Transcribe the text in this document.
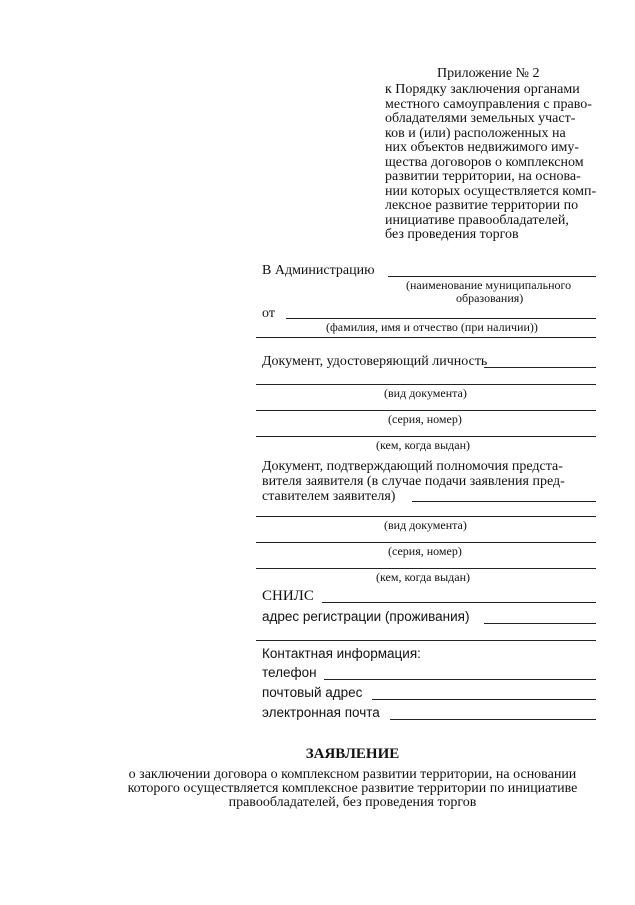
Приложение № 2
к Порядку заключения органами
местного самоуправления с право-
обладателями земельных участ-
ков и (или) расположенных на
них объектов недвижимого иму-
щества договоров о комплексном
развитии территории, на основа-
нии которых осуществляется комп-
лексное развитие территории по
инициативе правообладателей,
без проведения торгов
В Администрацию
(наименование муниципального
образования)
от
(фамилия, имя и отчество (при наличии))
Документ, удостоверяющий личность
(вид документа)
(серия, номер)
(кем, когда выдан)
Документ, подтверждающий полномочия предста-
вителя заявителя (в случае подачи заявления пред-
ставителем заявителя)
(вид документа)
(серия, номер)
(кем, когда выдан)
СНИЛС
адрес регистрации (проживания)
Контактная информация:
телефон
почтовый адрес
электронная почта
ЗАЯВЛЕНИЕ
о заключении договора о комплексном развитии территории, на основании
которого осуществляется комплексное развитие территории по инициативе
правообладателей, без проведения торгов
